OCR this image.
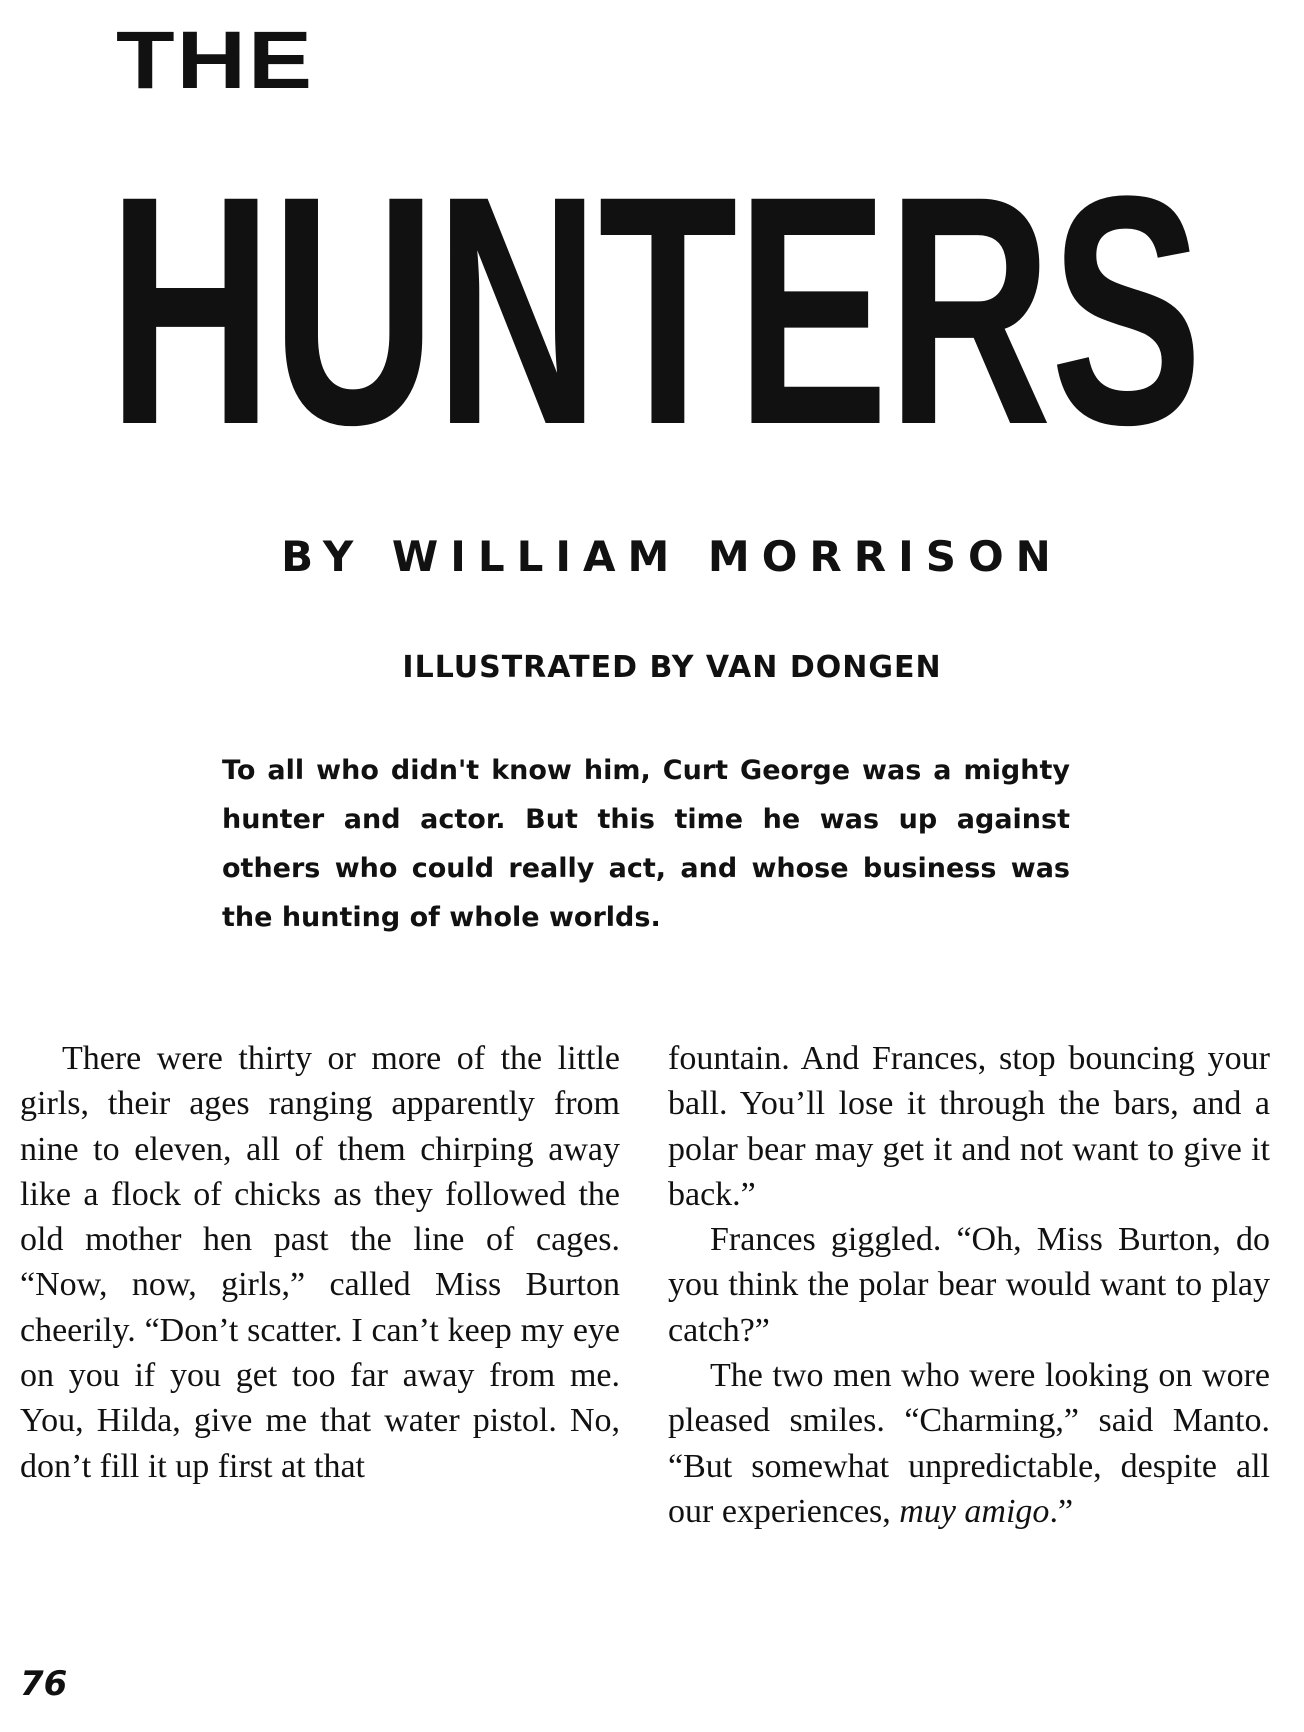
THE
HUNTERS
BY WILLIAM MORRISON
ILLUSTRATED BY VAN DONGEN
To all who didn't know him, Curt George was a mighty hunter and actor. But this time he was up against others who could really act, and whose business was the hunting of whole worlds.

There were thirty or more of the little girls, their ages ranging apparently from nine to eleven, all of them chirping away like a flock of chicks as they followed the old mother hen past the line of cages. “Now, now, girls,” called Miss Burton cheerily. “Don’t scatter. I can’t keep my eye on you if you get too far away from me. You, Hilda, give me that water pistol. No, don’t fill it up first at that

fountain. And Frances, stop bouncing your ball. You’ll lose it through the bars, and a polar bear may get it and not want to give it back.”

Frances giggled. “Oh, Miss Burton, do you think the polar bear would want to play catch?”

The two men who were looking on wore pleased smiles. “Charming,” said Manto. “But somewhat unpredictable, despite all our experiences, muy amigo.”

76
